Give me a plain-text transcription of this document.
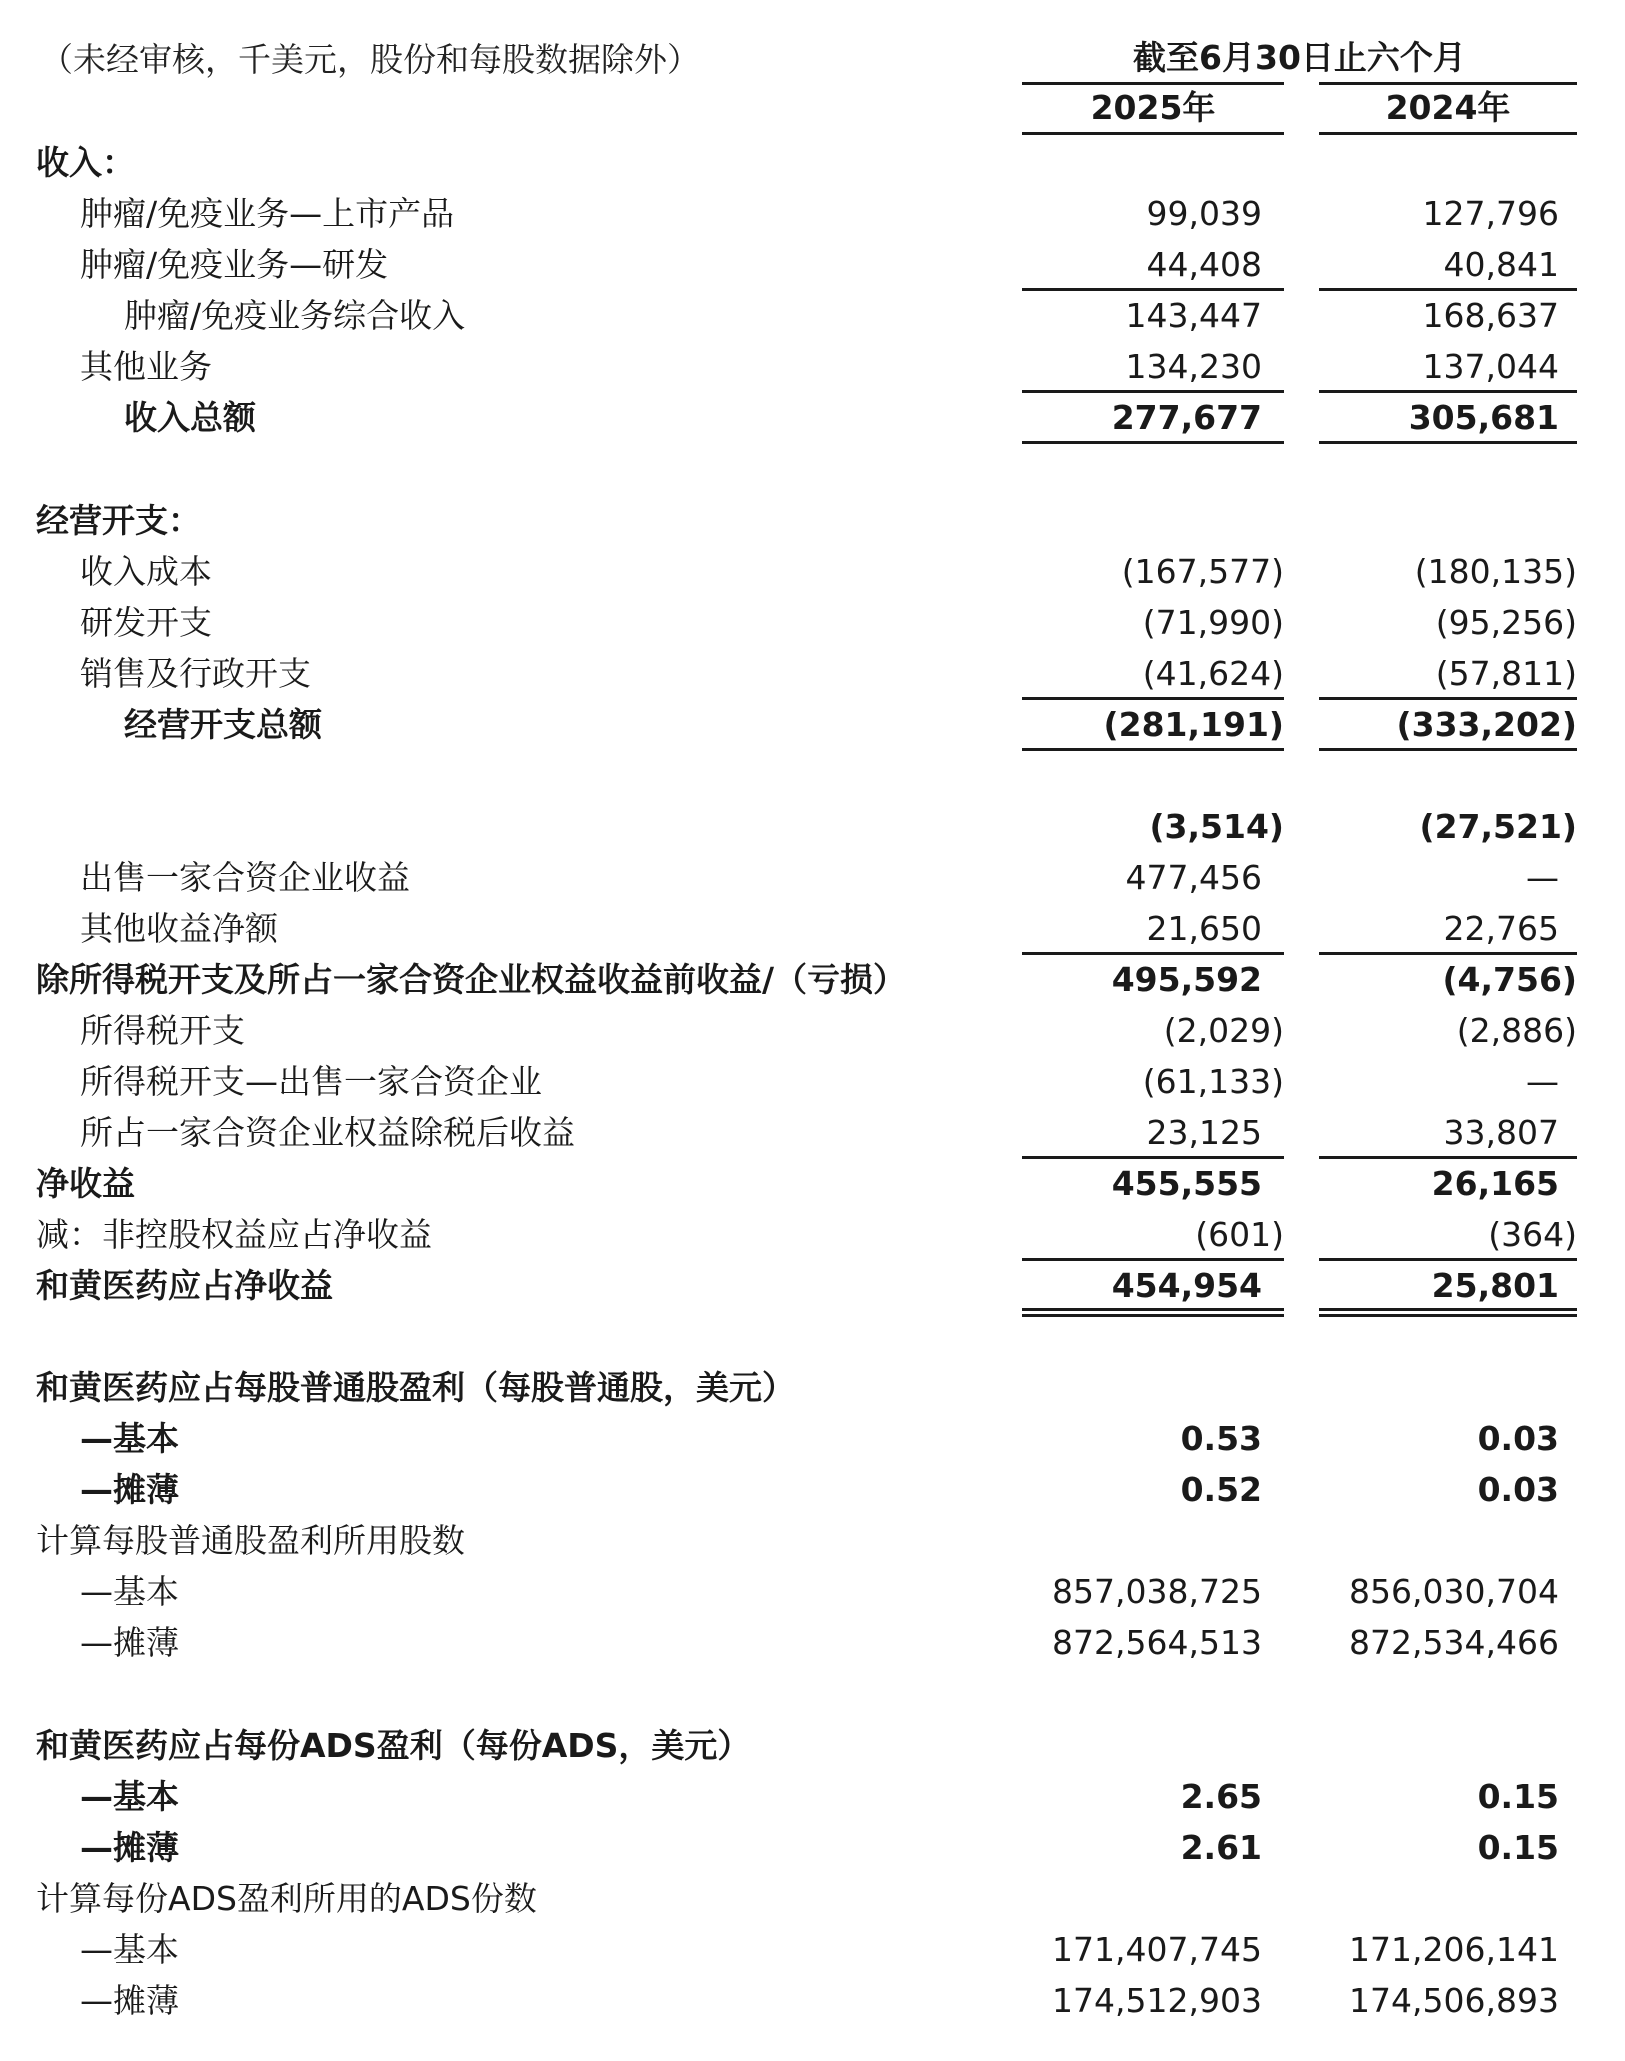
（未经审核，千美元，股份和每股数据除外）	截至6月30日止六个月
2025年	2024年
收入：
肿瘤/免疫业务—上市产品	99,039	127,796
肿瘤/免疫业务—研发	44,408	40,841
肿瘤/免疫业务综合收入	143,447	168,637
其他业务	134,230	137,044
收入总额	277,677	305,681
经营开支：
收入成本	(167,577)	(180,135)
研发开支	(71,990)	(95,256)
销售及行政开支	(41,624)	(57,811)
经营开支总额	(281,191)	(333,202)
(3,514)	(27,521)
出售一家合资企业收益	477,456	—
其他收益净额	21,650	22,765
除所得税开支及所占一家合资企业权益收益前收益/（亏损）	495,592	(4,756)
所得税开支	(2,029)	(2,886)
所得税开支—出售一家合资企业	(61,133)	—
所占一家合资企业权益除税后收益	23,125	33,807
净收益	455,555	26,165
减：非控股权益应占净收益	(601)	(364)
和黄医药应占净收益	454,954	25,801
和黄医药应占每股普通股盈利（每股普通股，美元）
—基本	0.53	0.03
—摊薄	0.52	0.03
计算每股普通股盈利所用股数
—基本	857,038,725	856,030,704
—摊薄	872,564,513	872,534,466
和黄医药应占每份ADS盈利（每份ADS，美元）
—基本	2.65	0.15
—摊薄	2.61	0.15
计算每份ADS盈利所用的ADS份数
—基本	171,407,745	171,206,141
—摊薄	174,512,903	174,506,893
